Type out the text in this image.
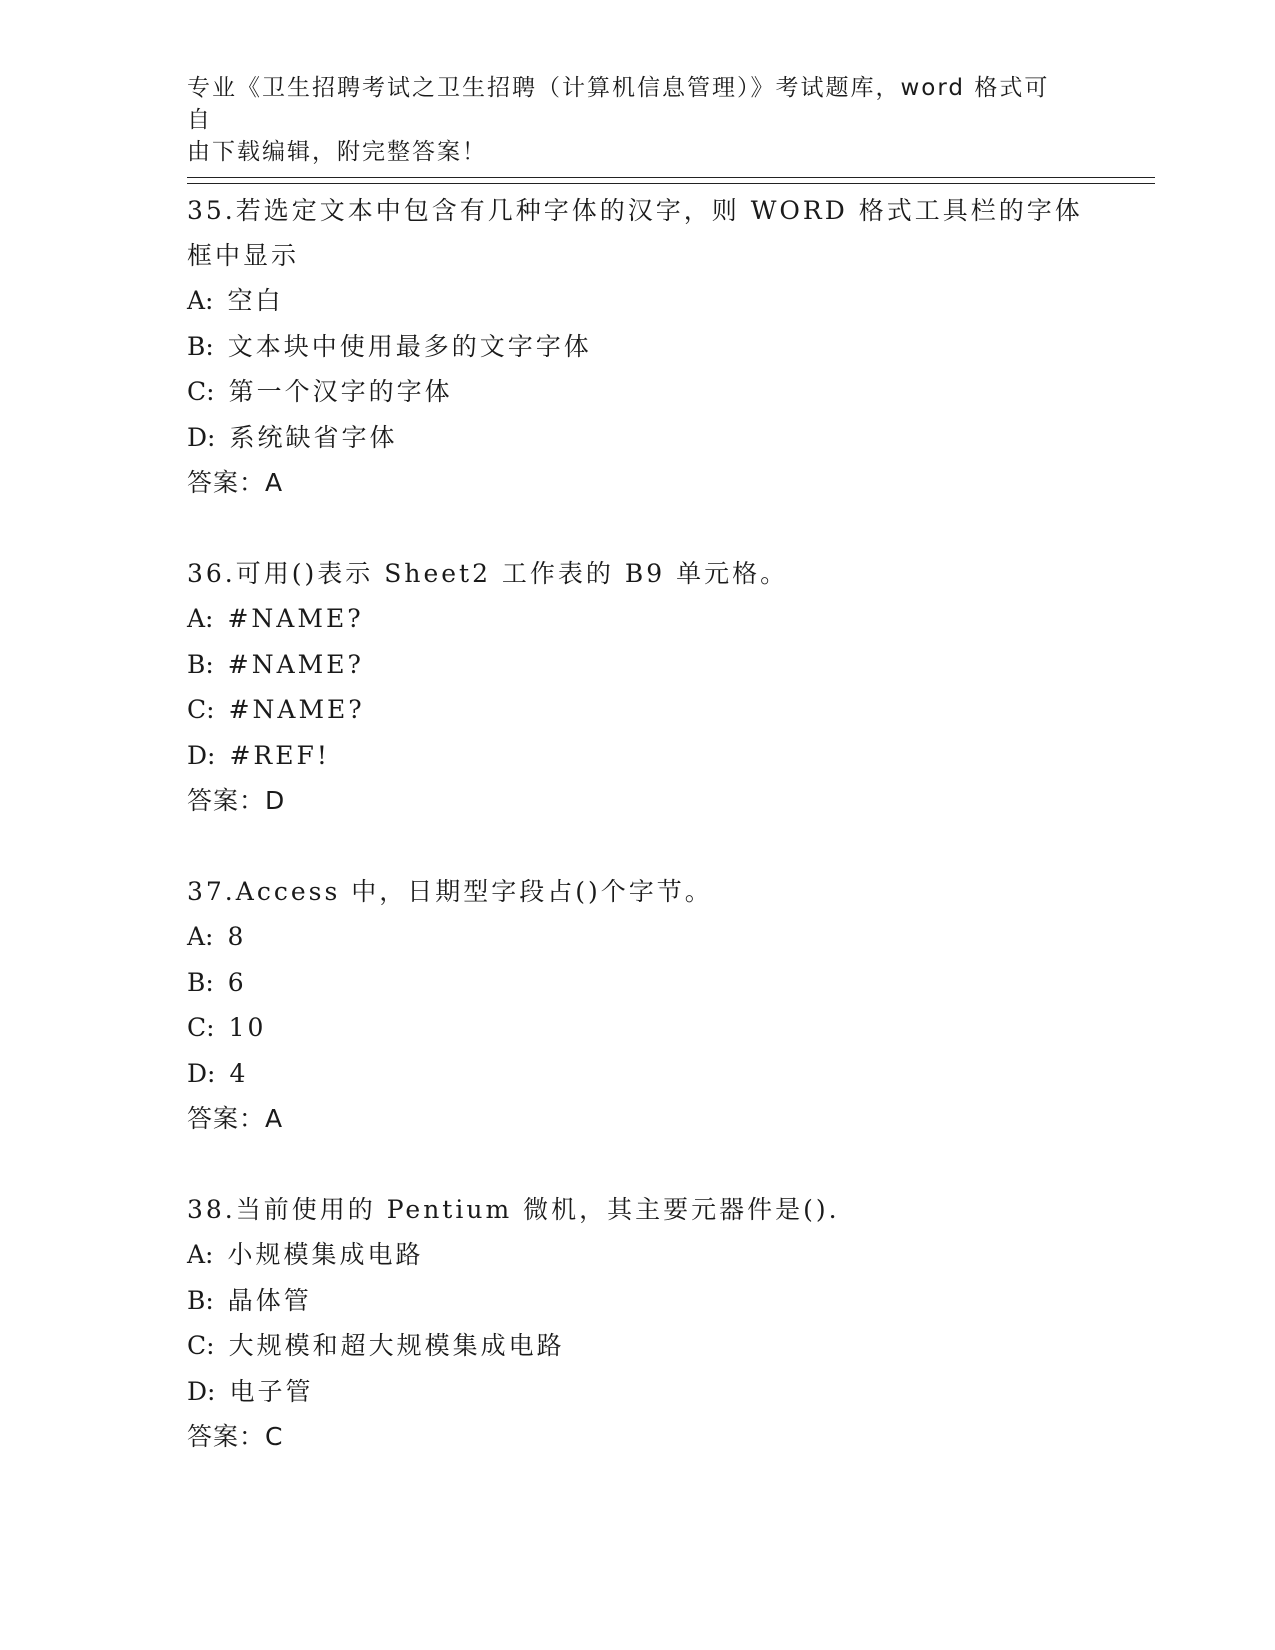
专业《卫生招聘考试之卫生招聘（计算机信息管理）》考试题库，word 格式可自
由下载编辑，附完整答案！
35.若选定文本中包含有几种字体的汉字，则 WORD 格式工具栏的字体
框中显示
A: 空白
B: 文本块中使用最多的文字字体
C: 第一个汉字的字体
D: 系统缺省字体
答案：A
36.可用()表示 Sheet2 工作表的 B9 单元格。
A: #NAME?
B: #NAME?
C: #NAME?
D: #REF!
答案：D
37.Access 中，日期型字段占()个字节。
A: 8
B: 6
C: 10
D: 4
答案：A
38.当前使用的 Pentium 微机，其主要元器件是().
A: 小规模集成电路
B: 晶体管
C: 大规模和超大规模集成电路
D: 电子管
答案：C
